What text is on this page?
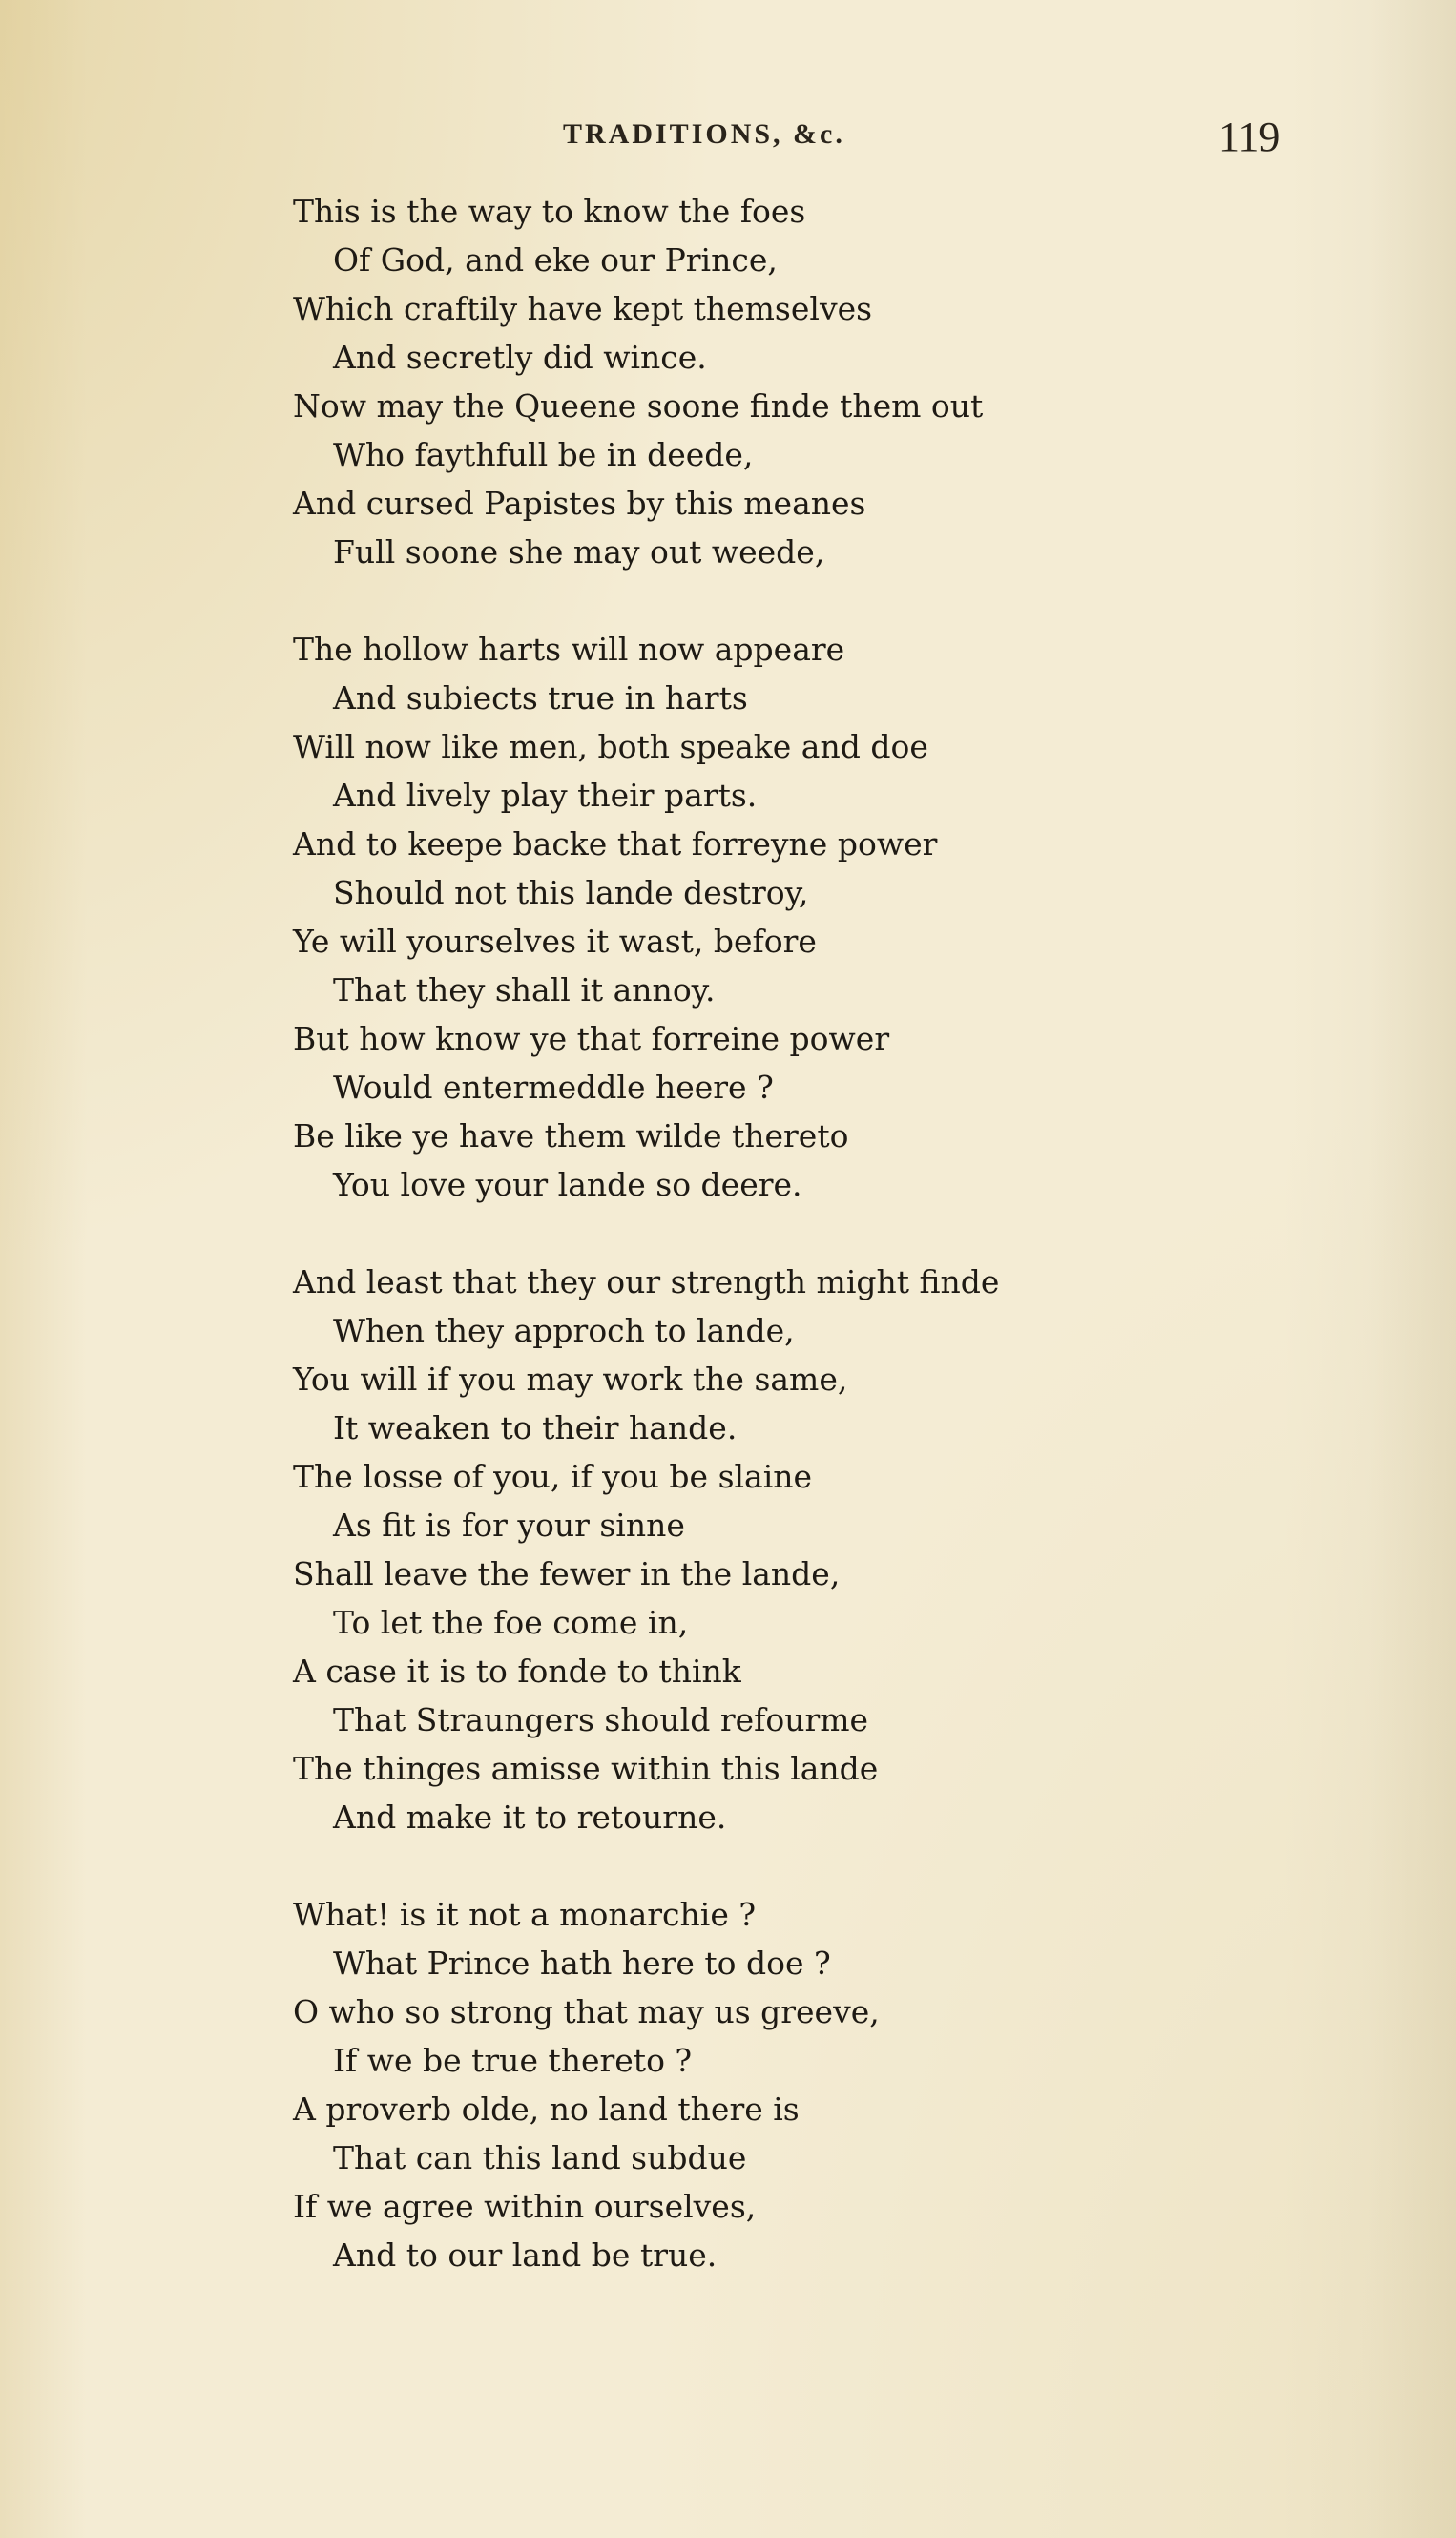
TRADITIONS, &c.	119
This is the way to know the foes
Of God, and eke our Prince,
Which craftily have kept themselves
And secretly did wince.
Now may the Queene soone finde them out
Who faythfull be in deede,
And cursed Papistes by this meanes
Full soone she may out weede,
The hollow harts will now appeare
And subiects true in harts
Will now like men, both speake and doe
And lively play their parts.
And to keepe backe that forreyne power
Should not this lande destroy,
Ye will yourselves it wast, before
That they shall it annoy.
But how know ye that forreine power
Would entermeddle heere ?
Be like ye have them wilde thereto
You love your lande so deere.
And least that they our strength might finde
When they approch to lande,
You will if you may work the same,
It weaken to their hande.
The losse of you, if you be slaine
As fit is for your sinne
Shall leave the fewer in the lande,
To let the foe come in,
A case it is to fonde to think
That Straungers should refourme
The thinges amisse within this lande
And make it to retourne.
What! is it not a monarchie ?
What Prince hath here to doe ?
O who so strong that may us greeve,
If we be true thereto ?
A proverb olde, no land there is
That can this land subdue
If we agree within ourselves,
And to our land be true.
